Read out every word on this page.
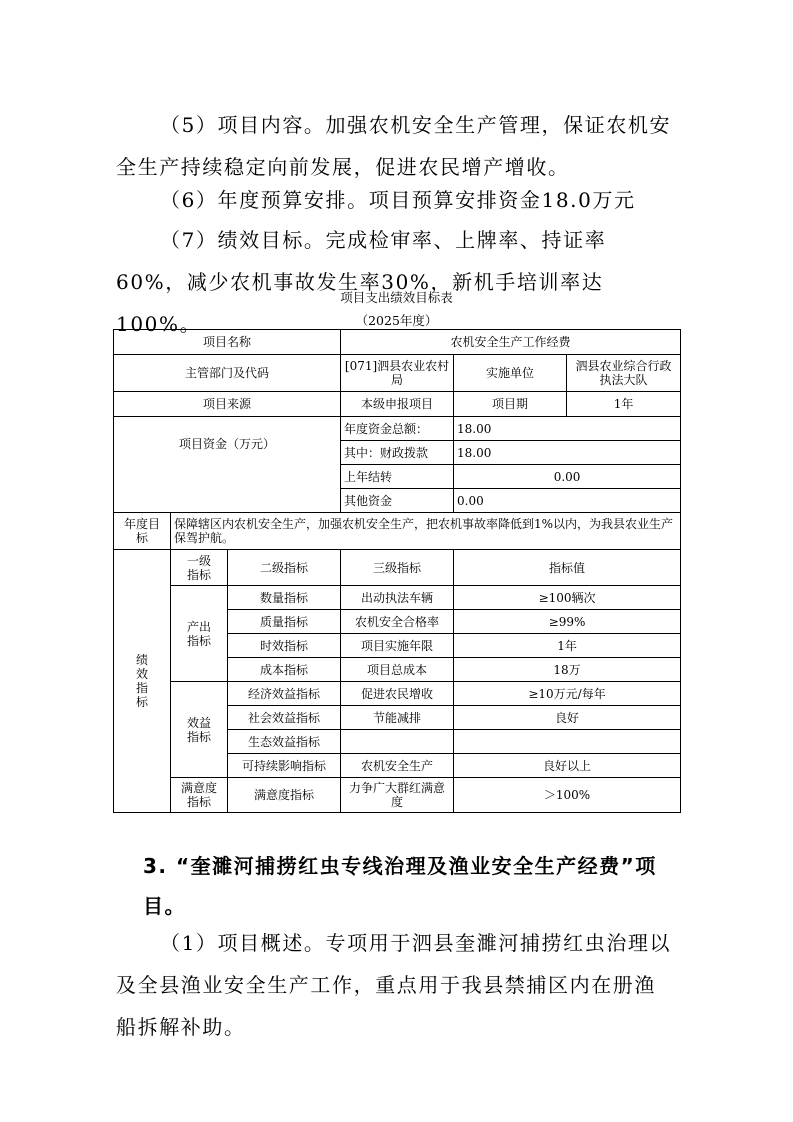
（5）项目内容。加强农机安全生产管理，保证农机安全生产持续稳定向前发展，促进农民增产增收。

（6）年度预算安排。项目预算安排资金18.0万元

（7）绩效目标。完成检审率、上牌率、持证率60%，减少农机事故发生率30%，新机手培训率达100%。

项目支出绩效目标表
（2025年度）
项目名称			农机安全生产工作经费		
主管部门及代码			[071]泗县农业农村局	实施单位	泗县农业综合行政执法大队
项目来源			本级申报项目	项目期	1年
项目资金（万元）			年度资金总额：	18.00	
			其中：财政拨款	18.00	
			上年结转	0.00	
			其他资金	0.00	
年度目标	保障辖区内农机安全生产，加强农机安全生产，把农机事故率降低到1%以内，为我县农业生产保驾护航。				
绩效指标	一级指标	二级指标	三级指标	指标值	
	产出指标	数量指标	出动执法车辆	≥100辆次	
		质量指标	农机安全合格率	≥99%	
		时效指标	项目实施年限	1年	
		成本指标	项目总成本	18万	
	效益指标	经济效益指标	促进农民增收	≥10万元/每年	
		社会效益指标	节能减排	良好	
		生态效益指标			
		可持续影响指标	农机安全生产	良好以上	
	满意度指标	满意度指标	力争广大群红满意度	＞100%	

3. “奎濉河捕捞红虫专线治理及渔业安全生产经费”项目。

（1）项目概述。专项用于泗县奎濉河捕捞红虫治理以及全县渔业安全生产工作，重点用于我县禁捕区内在册渔船拆解补助。
